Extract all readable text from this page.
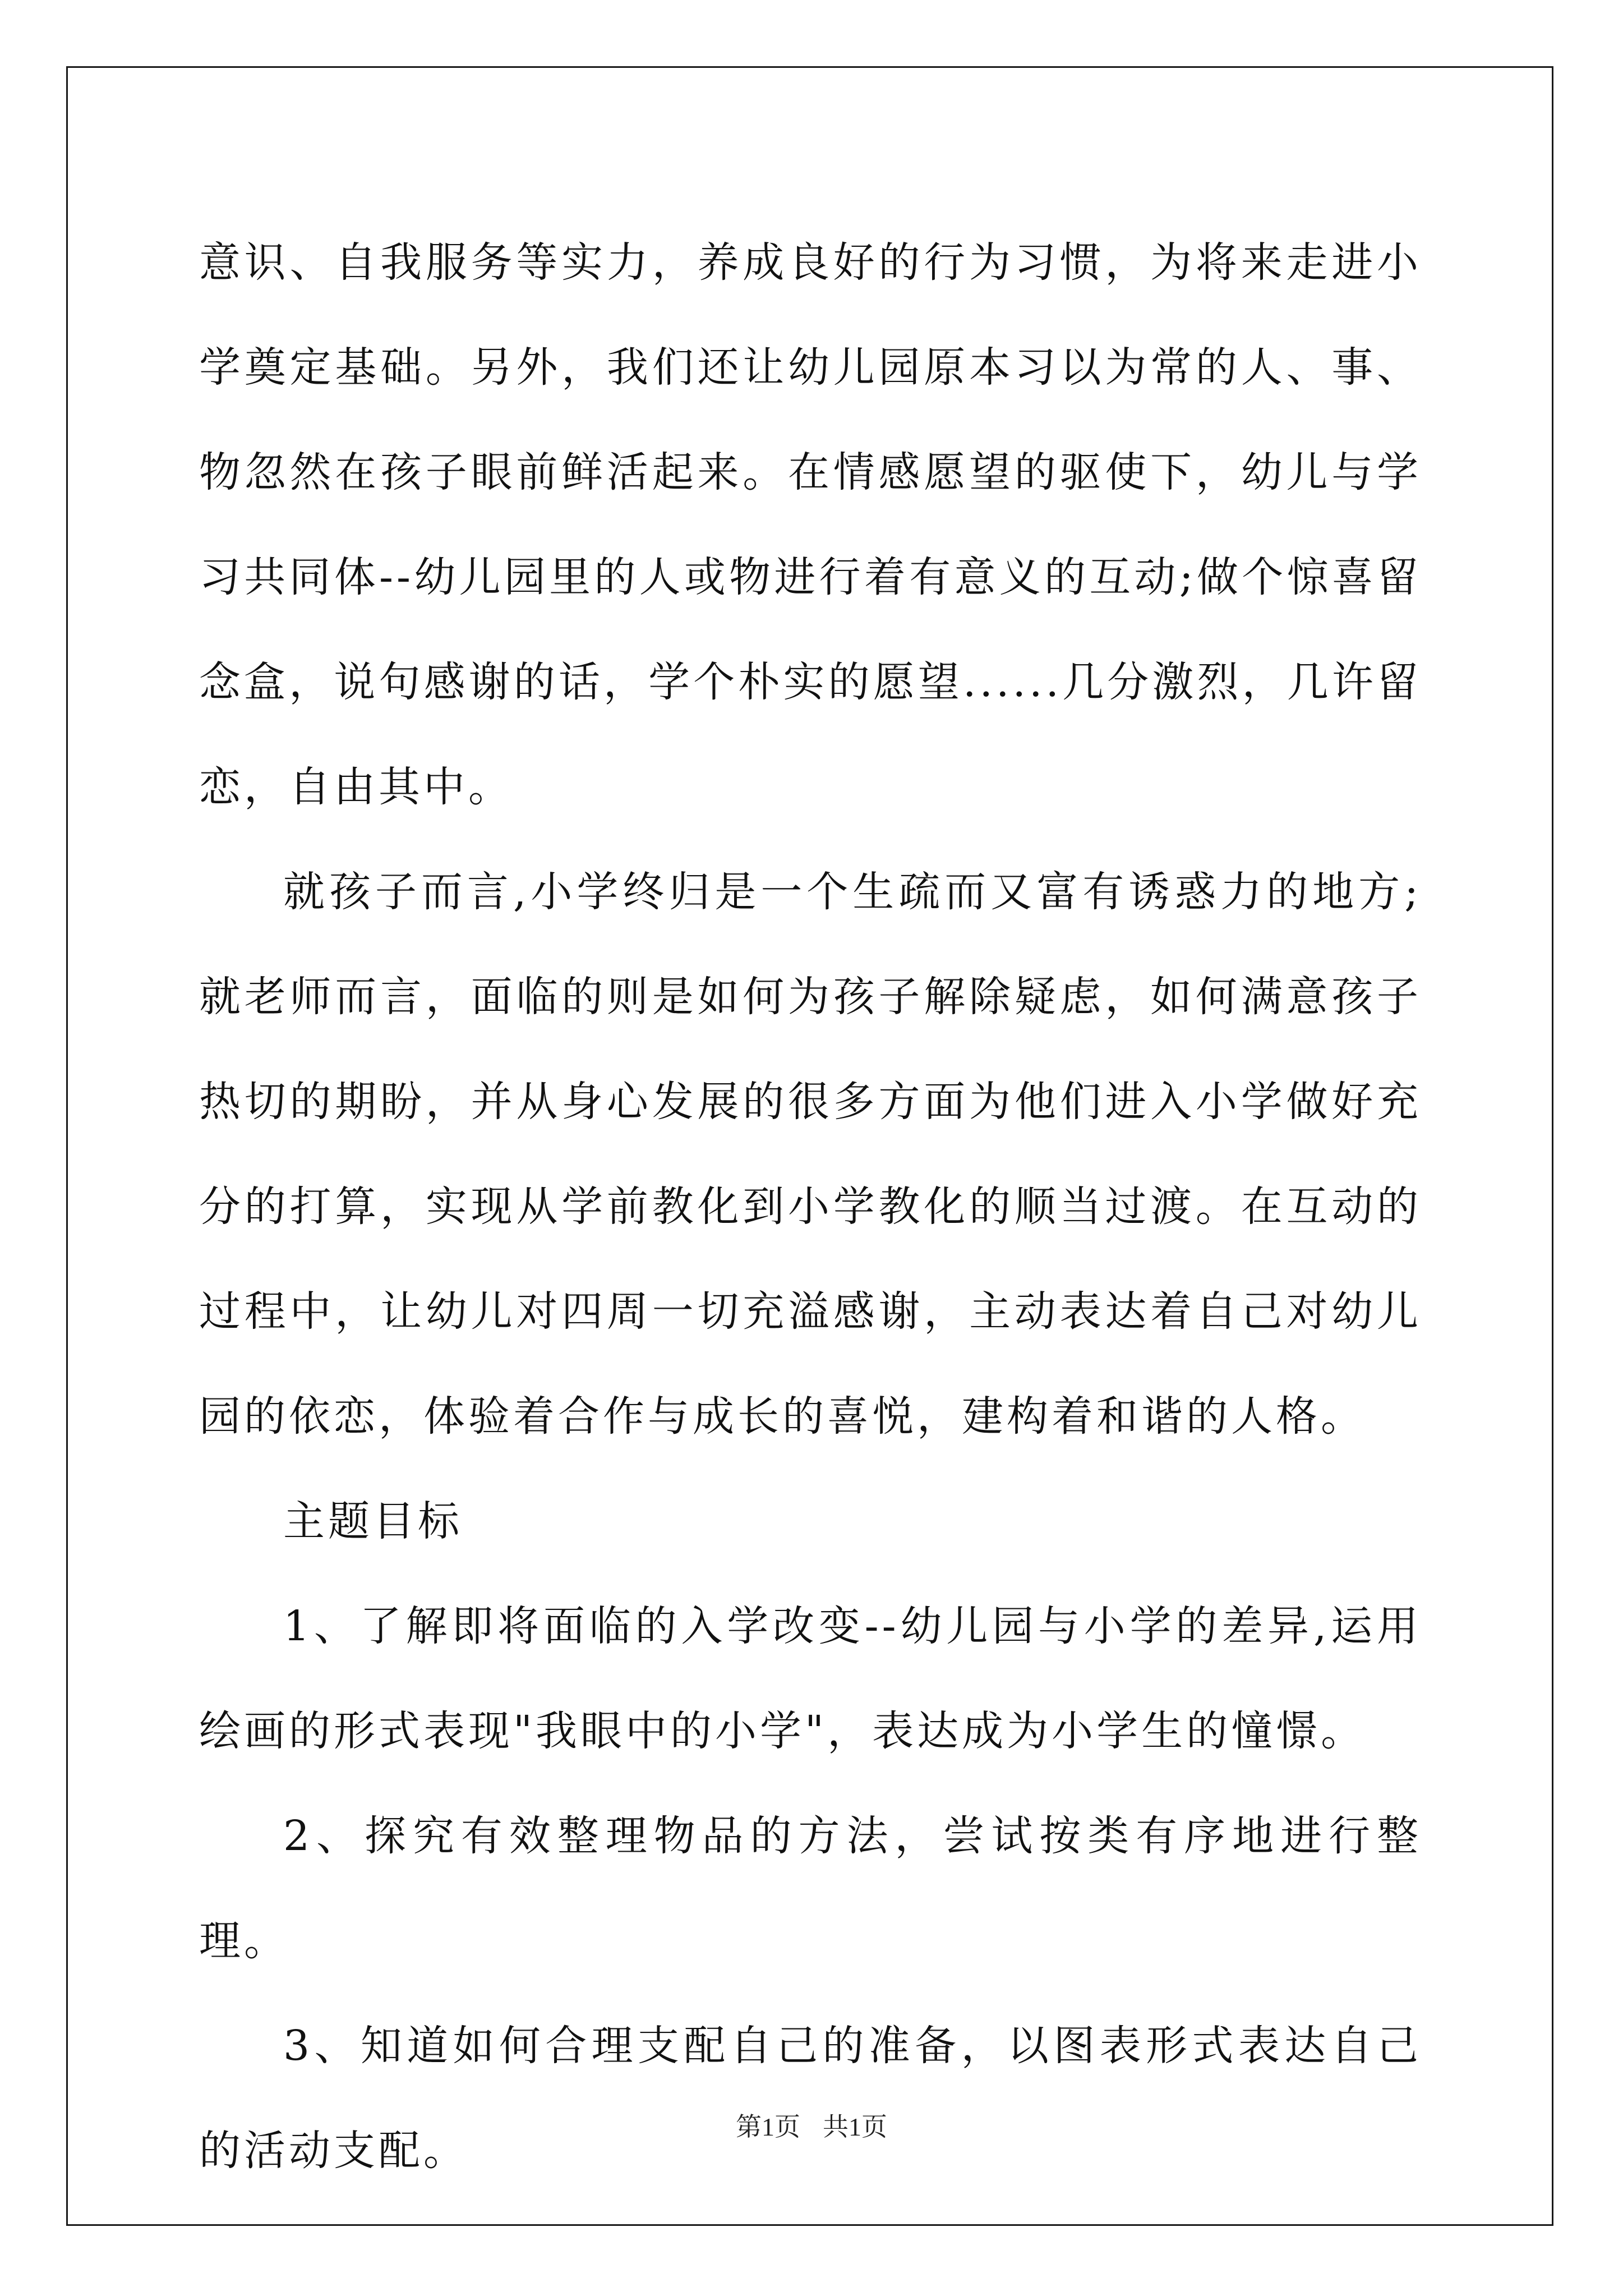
意识、自我服务等实力，养成良好的行为习惯，为将来走进小学奠定基础。另外，我们还让幼儿园原本习以为常的人、事、物忽然在孩子眼前鲜活起来。在情感愿望的驱使下，幼儿与学习共同体--幼儿园里的人或物进行着有意义的互动;做个惊喜留念盒，说句感谢的话，学个朴实的愿望......几分激烈，几许留恋，自由其中。

就孩子而言,小学终归是一个生疏而又富有诱惑力的地方;就老师而言，面临的则是如何为孩子解除疑虑，如何满意孩子热切的期盼，并从身心发展的很多方面为他们进入小学做好充分的打算，实现从学前教化到小学教化的顺当过渡。在互动的过程中，让幼儿对四周一切充溢感谢，主动表达着自己对幼儿园的依恋，体验着合作与成长的喜悦，建构着和谐的人格。

主题目标

1、了解即将面临的入学改变--幼儿园与小学的差异,运用绘画的形式表现"我眼中的小学"，表达成为小学生的憧憬。

2、探究有效整理物品的方法，尝试按类有序地进行整理。

3、知道如何合理支配自己的准备，以图表形式表达自己的活动支配。	第1页 共1页
